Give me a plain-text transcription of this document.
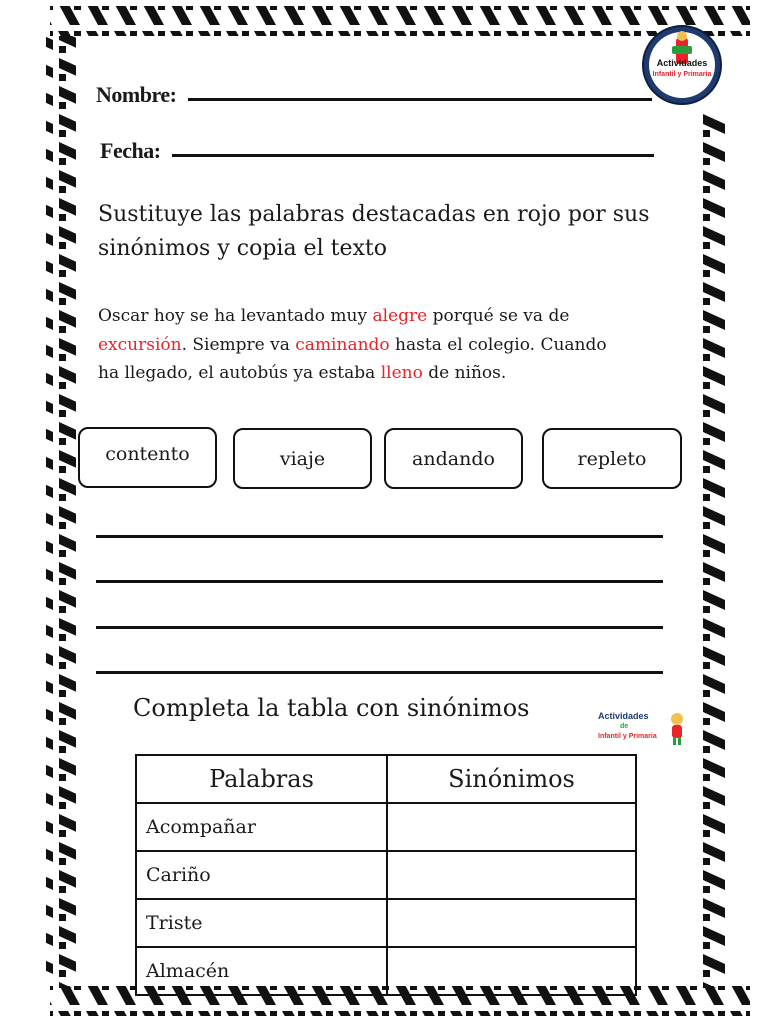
Actividades
Infantil y Primaria
Nombre:
Fecha:
Sustituye las palabras destacadas en rojo por sus
sinónimos y copia el texto
Oscar hoy se ha levantado muy alegre porqué se va de
excursión. Siempre va caminando hasta el colegio. Cuando
ha llegado, el autobús ya estaba lleno de niños.
contento	viaje	andando	repleto
Completa la tabla con sinónimos	Actividades
de
Infantil y Primaria
Palabras	Sinónimos
Acompañar	
Cariño	
Triste	
Almacén	
